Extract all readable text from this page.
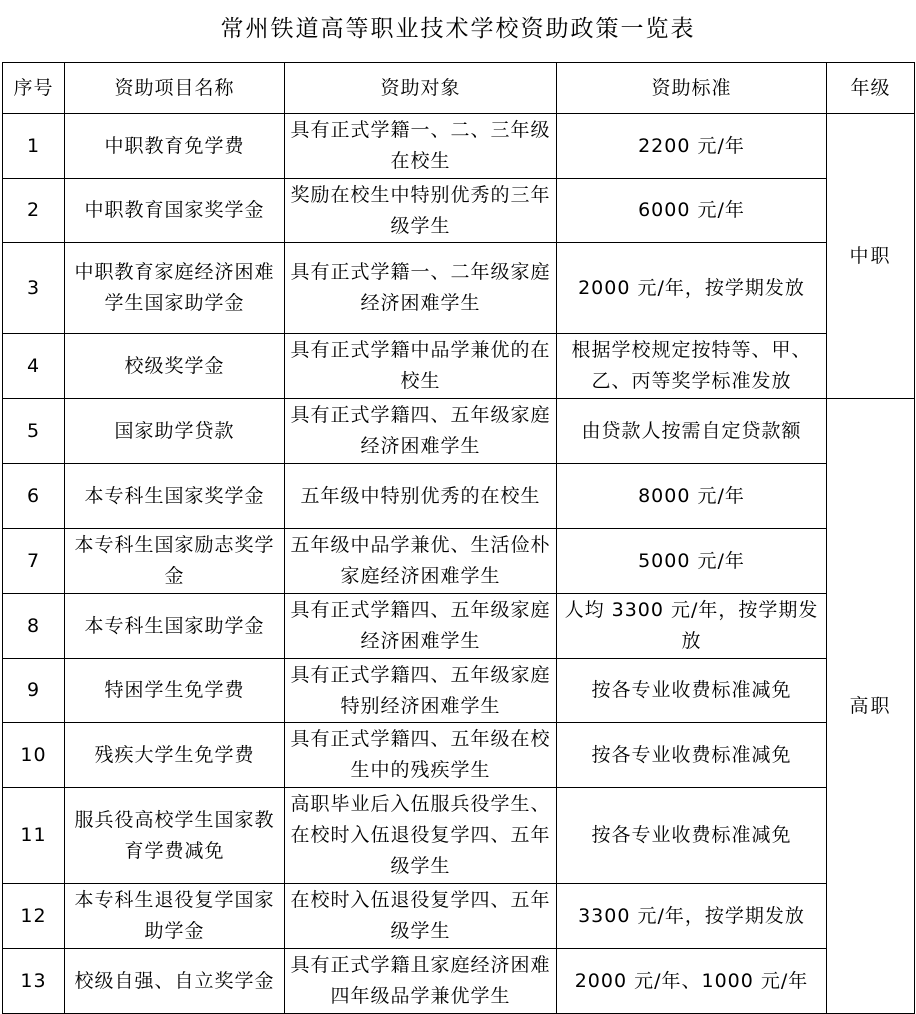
常州铁道高等职业技术学校资助政策一览表
序号	资助项目名称	资助对象	资助标准	年级
1	中职教育免学费	具有正式学籍一、二、三年级在校生	2200 元/年	中职
2	中职教育国家奖学金	奖励在校生中特别优秀的三年级学生	6000 元/年	
3	中职教育家庭经济困难学生国家助学金	具有正式学籍一、二年级家庭经济困难学生	2000 元/年，按学期发放	
4	校级奖学金	具有正式学籍中品学兼优的在校生	根据学校规定按特等、甲、乙、丙等奖学标准发放	
5	国家助学贷款	具有正式学籍四、五年级家庭经济困难学生	由贷款人按需自定贷款额	高职
6	本专科生国家奖学金	五年级中特别优秀的在校生	8000 元/年	
7	本专科生国家励志奖学金	五年级中品学兼优、生活俭朴家庭经济困难学生	5000 元/年	
8	本专科生国家助学金	具有正式学籍四、五年级家庭经济困难学生	人均 3300 元/年，按学期发放	
9	特困学生免学费	具有正式学籍四、五年级家庭特别经济困难学生	按各专业收费标准减免	
10	残疾大学生免学费	具有正式学籍四、五年级在校生中的残疾学生	按各专业收费标准减免	
11	服兵役高校学生国家教育学费减免	高职毕业后入伍服兵役学生、在校时入伍退役复学四、五年级学生	按各专业收费标准减免	
12	本专科生退役复学国家助学金	在校时入伍退役复学四、五年级学生	3300 元/年，按学期发放	
13	校级自强、自立奖学金	具有正式学籍且家庭经济困难四年级品学兼优学生	2000 元/年、1000 元/年	
